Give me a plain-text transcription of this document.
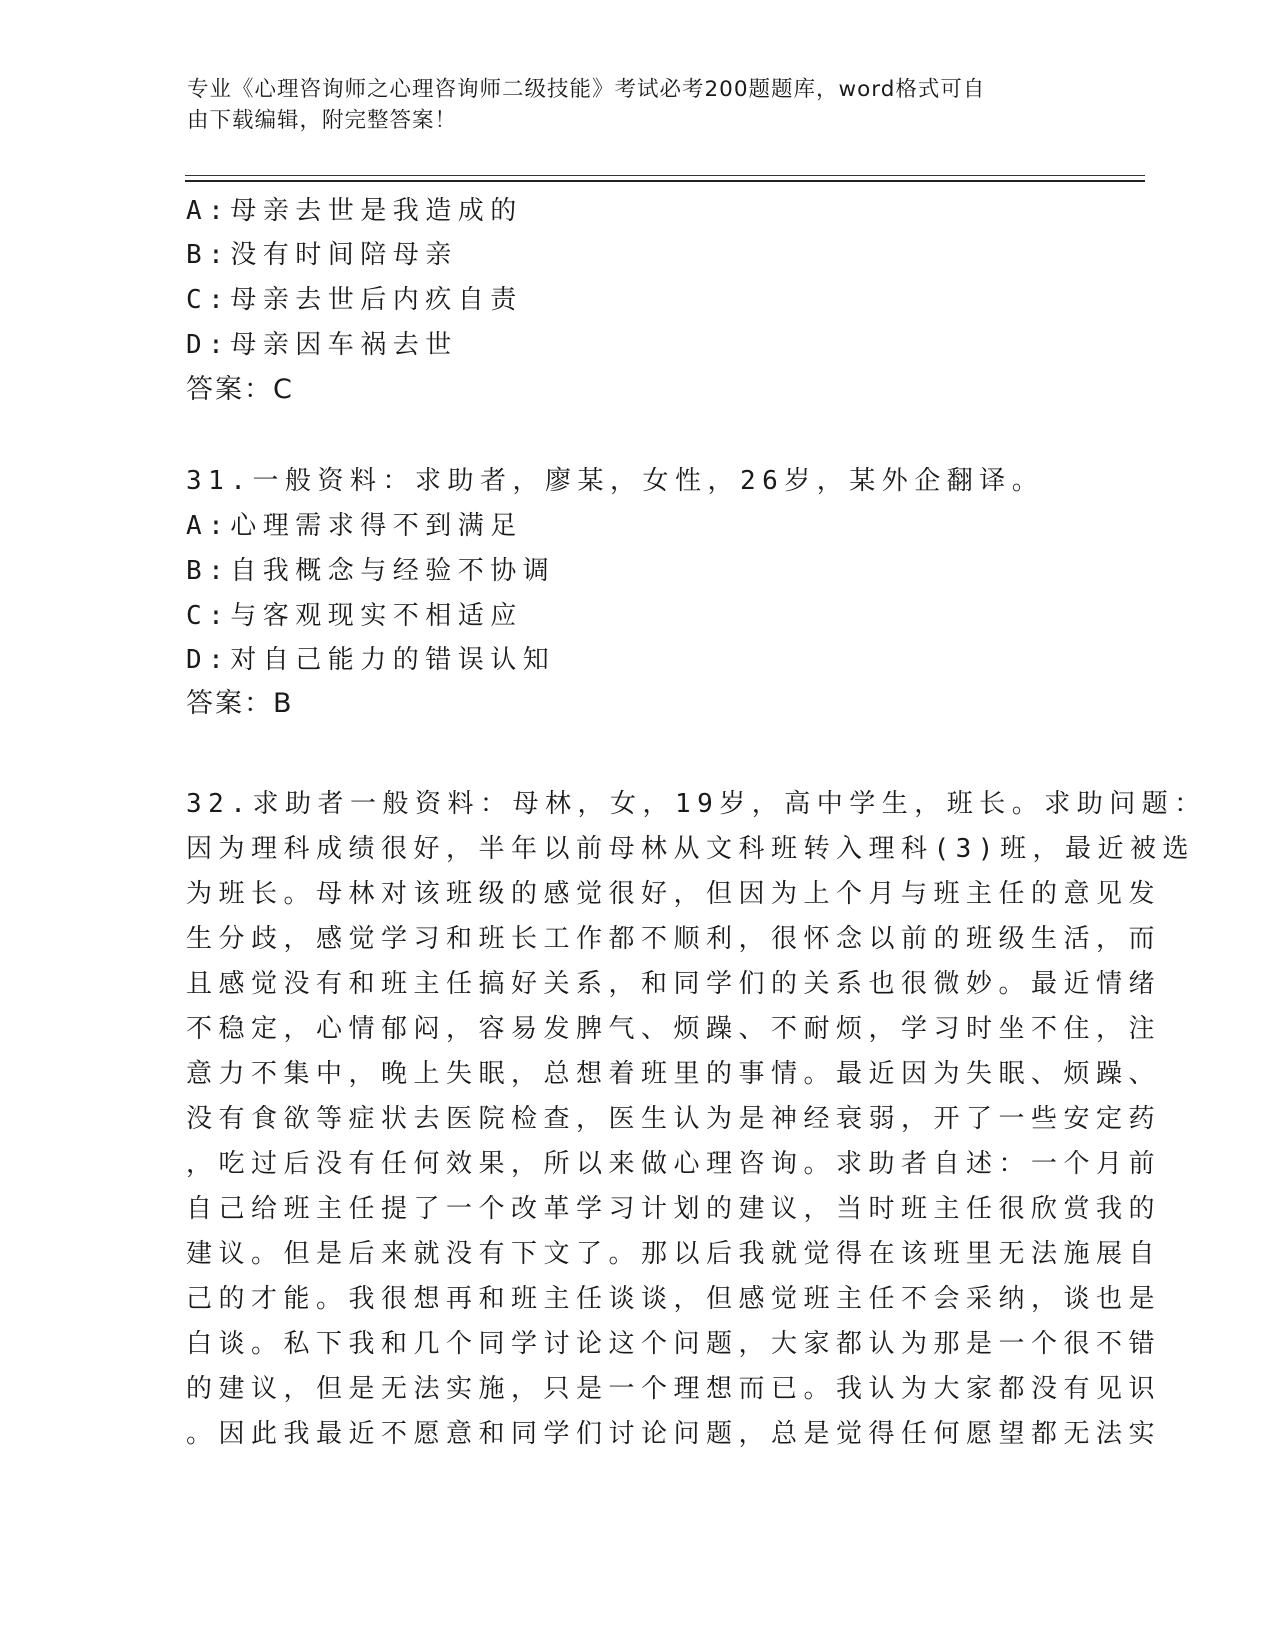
专业《心理咨询师之心理咨询师二级技能》考试必考200题题库，word格式可自
由下载编辑，附完整答案！
A:母亲去世是我造成的
B:没有时间陪母亲
C:母亲去世后内疚自责
D:母亲因车祸去世
答案：C
31.一般资料：求助者，廖某，女性，26岁，某外企翻译。
A:心理需求得不到满足
B:自我概念与经验不协调
C:与客观现实不相适应
D:对自己能力的错误认知
答案：B
32.求助者一般资料：母林，女，19岁，高中学生，班长。求助问题：
因为理科成绩很好，半年以前母林从文科班转入理科(3)班，最近被选
为班长。母林对该班级的感觉很好，但因为上个月与班主任的意见发
生分歧，感觉学习和班长工作都不顺利，很怀念以前的班级生活，而
且感觉没有和班主任搞好关系，和同学们的关系也很微妙。最近情绪
不稳定，心情郁闷，容易发脾气、烦躁、不耐烦，学习时坐不住，注
意力不集中，晚上失眠，总想着班里的事情。最近因为失眠、烦躁、
没有食欲等症状去医院检查，医生认为是神经衰弱，开了一些安定药
，吃过后没有任何效果，所以来做心理咨询。求助者自述：一个月前
自己给班主任提了一个改革学习计划的建议，当时班主任很欣赏我的
建议。但是后来就没有下文了。那以后我就觉得在该班里无法施展自
己的才能。我很想再和班主任谈谈，但感觉班主任不会采纳，谈也是
白谈。私下我和几个同学讨论这个问题，大家都认为那是一个很不错
的建议，但是无法实施，只是一个理想而已。我认为大家都没有见识
。因此我最近不愿意和同学们讨论问题，总是觉得任何愿望都无法实
